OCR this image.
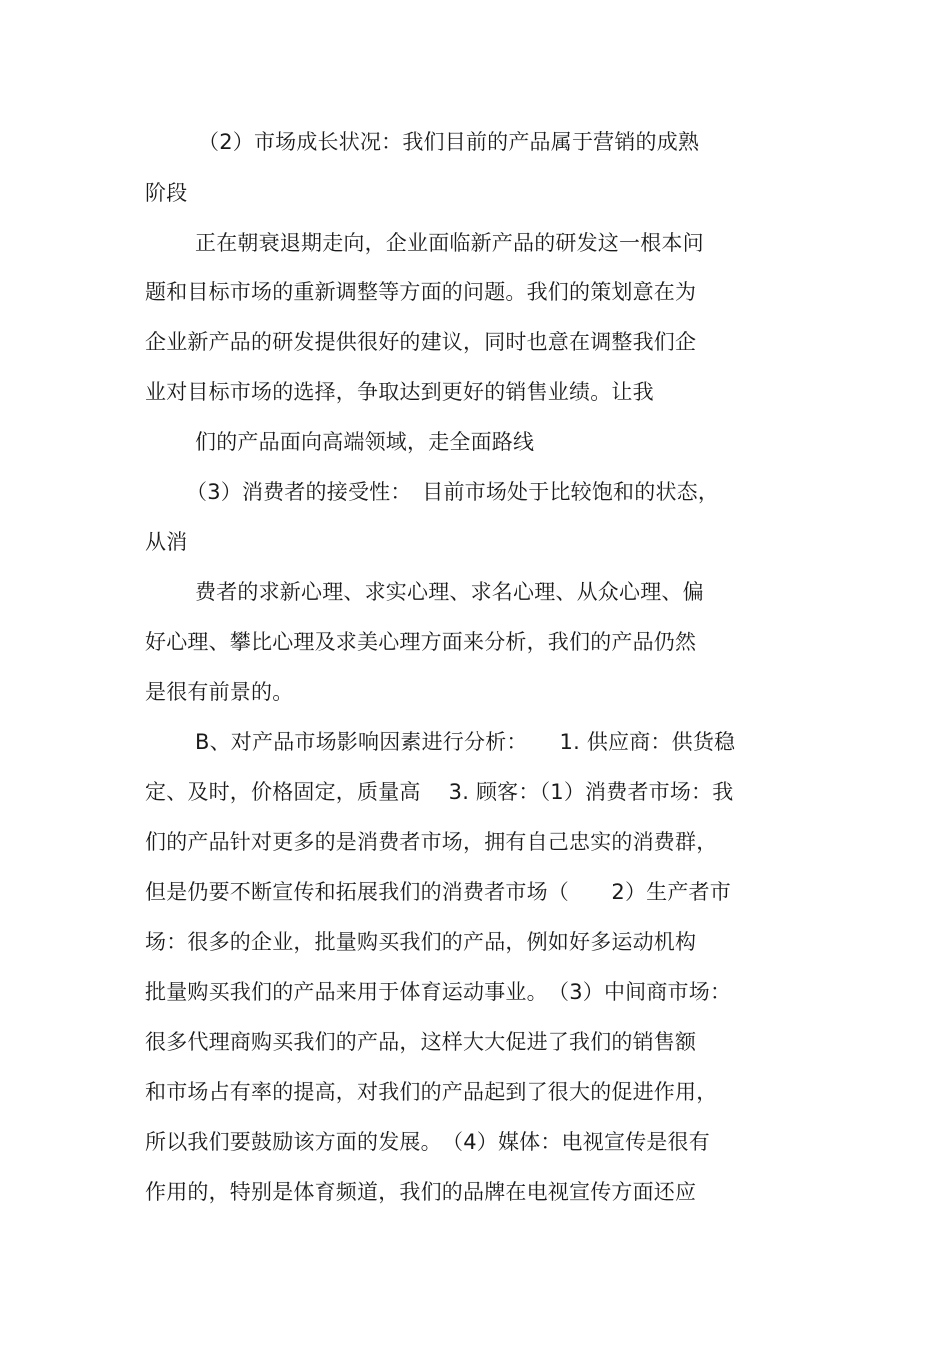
（2）市场成长状况：我们目前的产品属于营销的成熟
阶段
正在朝衰退期走向，企业面临新产品的研发这一根本问
题和目标市场的重新调整等方面的问题。我们的策划意在为
企业新产品的研发提供很好的建议，同时也意在调整我们企
业对目标市场的选择，争取达到更好的销售业绩。让我
们的产品面向高端领域，走全面路线
（3）消费者的接受性：　目前市场处于比较饱和的状态，
从消
费者的求新心理、求实心理、求名心理、从众心理、偏
好心理、攀比心理及求美心理方面来分析，我们的产品仍然
是很有前景的。
B、对产品市场影响因素进行分析：　　1. 供应商：供货稳
定、及时，价格固定，质量高　 3. 顾客：（1）消费者市场：我
们的产品针对更多的是消费者市场，拥有自己忠实的消费群，
但是仍要不断宣传和拓展我们的消费者市场（　　2）生产者市
场：很多的企业，批量购买我们的产品，例如好多运动机构
批量购买我们的产品来用于体育运动事业。　（3）中间商市场：
很多代理商购买我们的产品，这样大大促进了我们的销售额
和市场占有率的提高，对我们的产品起到了很大的促进作用，
所以我们要鼓励该方面的发展。　（4）媒体：电视宣传是很有
作用的，特别是体育频道，我们的品牌在电视宣传方面还应
